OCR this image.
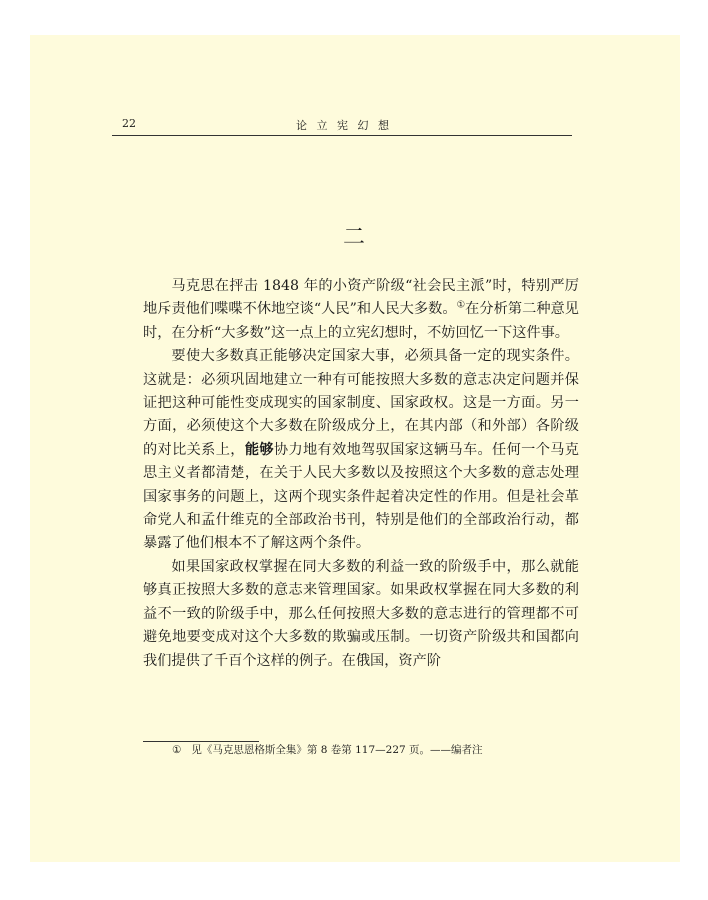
22	论 立 宪 幻 想
二

马克思在抨击 1848 年的小资产阶级“社会民主派”时，特别严厉地斥责他们喋喋不休地空谈“人民”和人民大多数。①在分析第二种意见时，在分析“大多数”这一点上的立宪幻想时，不妨回忆一下这件事。

要使大多数真正能够决定国家大事，必须具备一定的现实条件。这就是：必须巩固地建立一种有可能按照大多数的意志决定问题并保证把这种可能性变成现实的国家制度、国家政权。这是一方面。另一方面，必须使这个大多数在阶级成分上，在其内部（和外部）各阶级的对比关系上，能够协力地有效地驾驭国家这辆马车。任何一个马克思主义者都清楚，在关于人民大多数以及按照这个大多数的意志处理国家事务的问题上，这两个现实条件起着决定性的作用。但是社会革命党人和孟什维克的全部政治书刊，特别是他们的全部政治行动，都暴露了他们根本不了解这两个条件。

如果国家政权掌握在同大多数的利益一致的阶级手中，那么就能够真正按照大多数的意志来管理国家。如果政权掌握在同大多数的利益不一致的阶级手中，那么任何按照大多数的意志进行的管理都不可避免地要变成对这个大多数的欺骗或压制。一切资产阶级共和国都向我们提供了千百个这样的例子。在俄国，资产阶

① 见《马克思恩格斯全集》第 8 卷第 117—227 页。——编者注
